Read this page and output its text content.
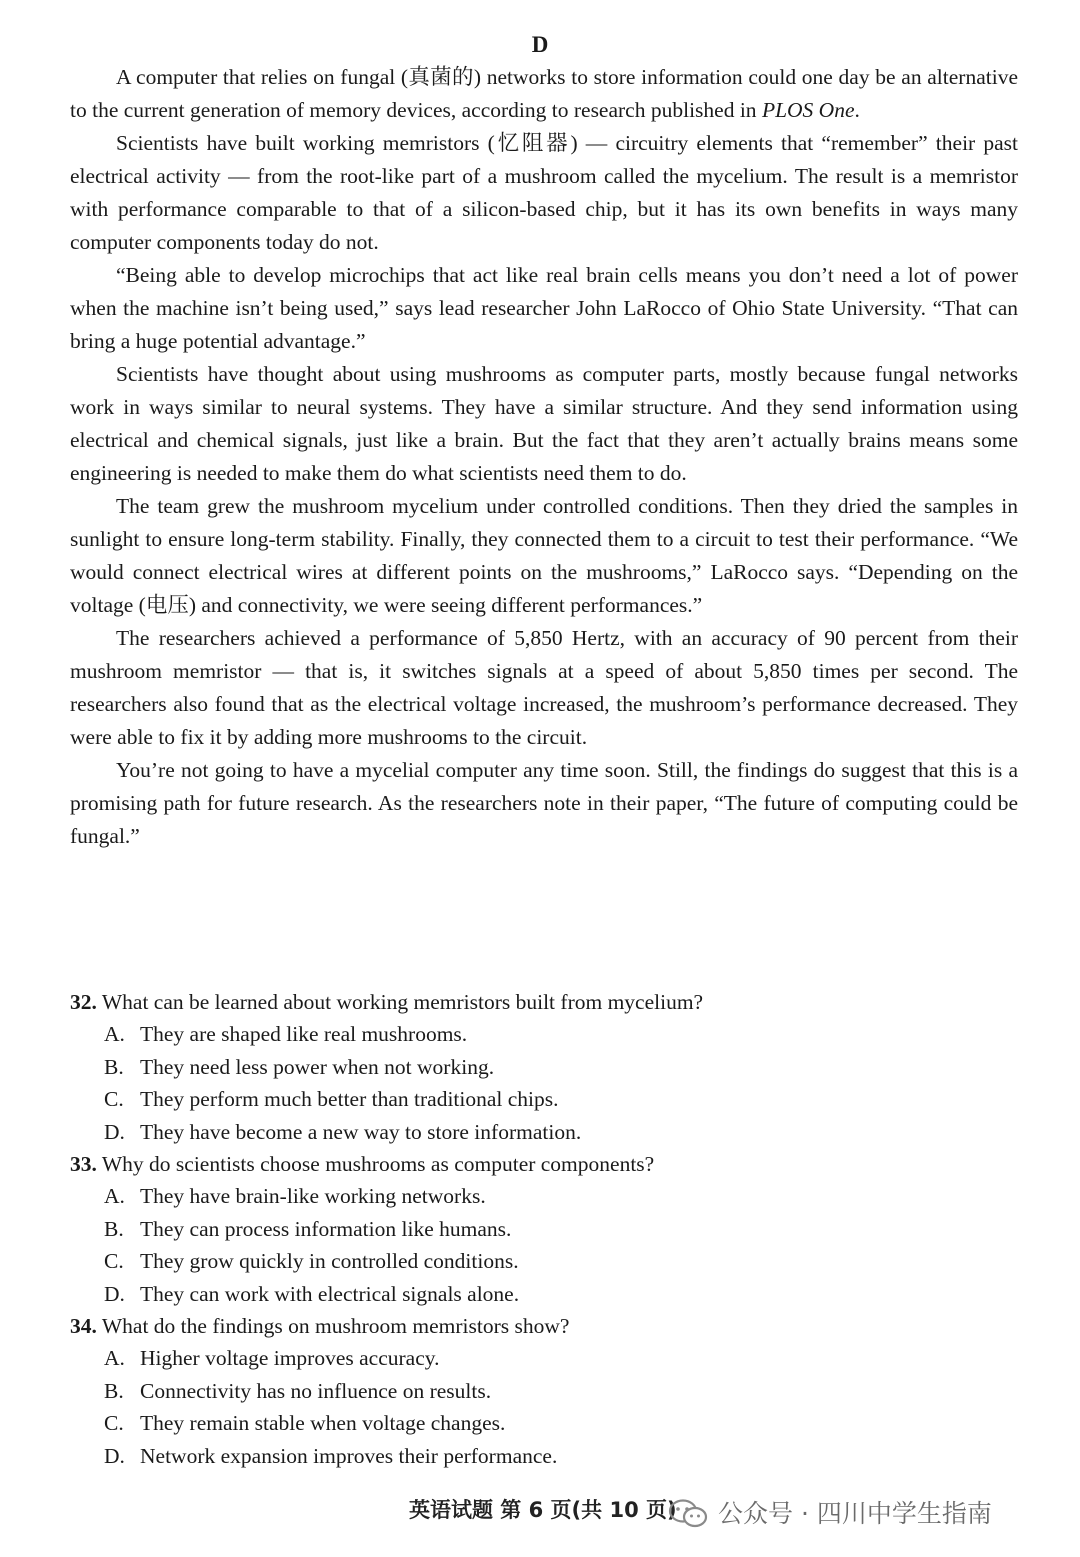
D

A computer that relies on fungal (真菌的) networks to store information could one day be an alternative to the current generation of memory devices, according to research published in PLOS One.

Scientists have built working memristors (忆阻器) — circuitry elements that “remember” their past electrical activity — from the root-like part of a mushroom called the mycelium. The result is a memristor with performance comparable to that of a silicon-based chip, but it has its own benefits in ways many computer components today do not.

“Being able to develop microchips that act like real brain cells means you don’t need a lot of power when the machine isn’t being used,” says lead researcher John LaRocco of Ohio State University. “That can bring a huge potential advantage.”

Scientists have thought about using mushrooms as computer parts, mostly because fungal networks work in ways similar to neural systems. They have a similar structure. And they send information using electrical and chemical signals, just like a brain. But the fact that they aren’t actually brains means some engineering is needed to make them do what scientists need them to do.

The team grew the mushroom mycelium under controlled conditions. Then they dried the samples in sunlight to ensure long-term stability. Finally, they connected them to a circuit to test their performance. “We would connect electrical wires at different points on the mushrooms,” LaRocco says. “Depending on the voltage (电压) and connectivity, we were seeing different performances.”

The researchers achieved a performance of 5,850 Hertz, with an accuracy of 90 percent from their mushroom memristor — that is, it switches signals at a speed of about 5,850 times per second. The researchers also found that as the electrical voltage increased, the mushroom’s performance decreased. They were able to fix it by adding more mushrooms to the circuit.

You’re not going to have a mycelial computer any time soon. Still, the findings do suggest that this is a promising path for future research. As the researchers note in their paper, “The future of computing could be fungal.”

32. What can be learned about working memristors built from mycelium?
A. They are shaped like real mushrooms.
B. They need less power when not working.
C. They perform much better than traditional chips.
D. They have become a new way to store information.
33. Why do scientists choose mushrooms as computer components?
A. They have brain-like working networks.
B. They can process information like humans.
C. They grow quickly in controlled conditions.
D. They can work with electrical signals alone.
34. What do the findings on mushroom memristors show?
A. Higher voltage improves accuracy.
B. Connectivity has no influence on results.
C. They remain stable when voltage changes.
D. Network expansion improves their performance.
英语试题 第 6 页(共 10 页) 公众号 · 四川中学生指南
